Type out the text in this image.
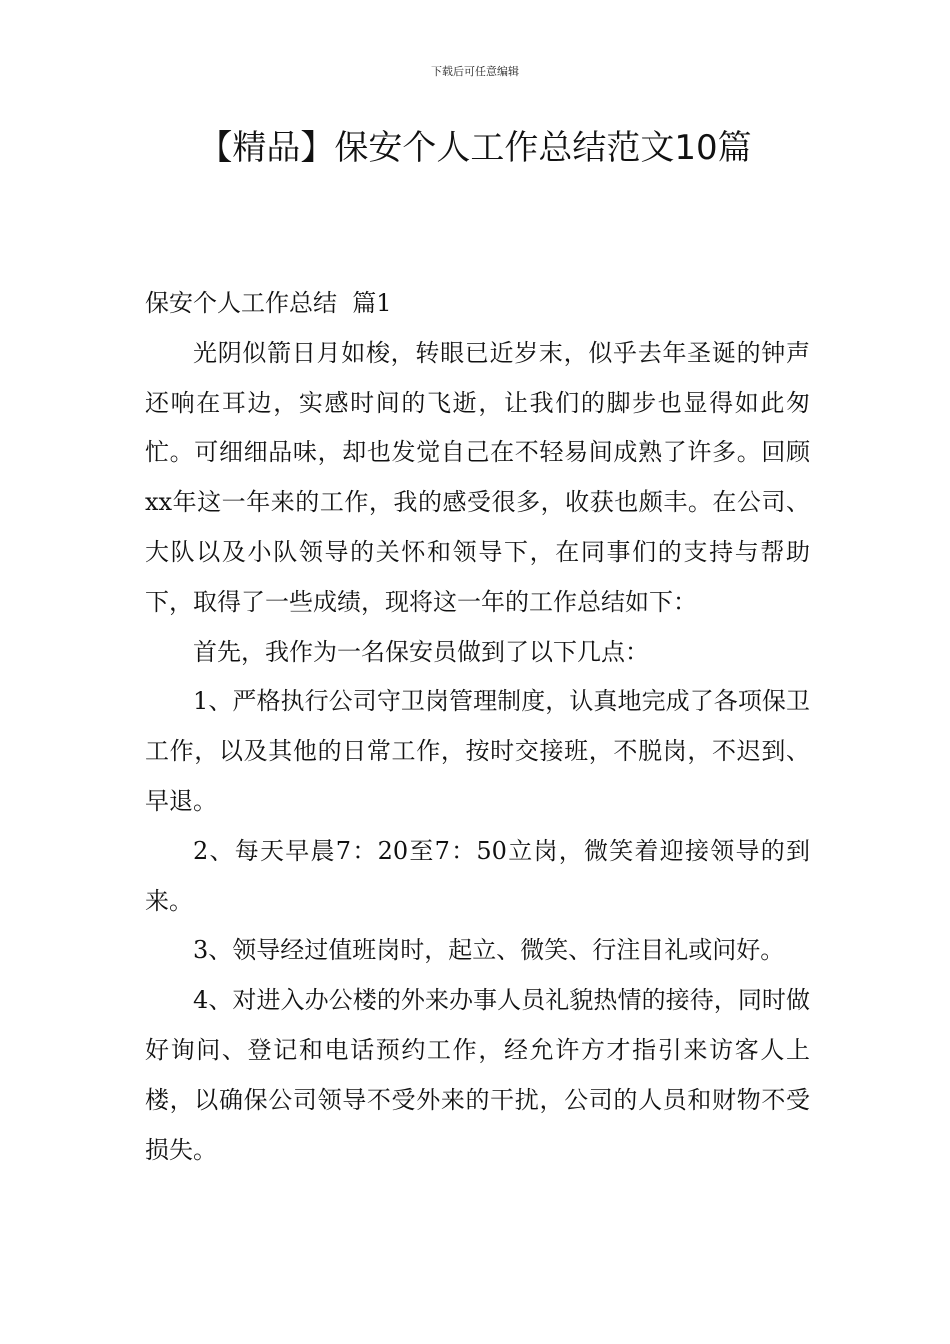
下载后可任意编辑
【精品】保安个人工作总结范文10篇

保安个人工作总结  篇1

光阴似箭日月如梭，转眼已近岁末，似乎去年圣诞的钟声还响在耳边，实感时间的飞逝，让我们的脚步也显得如此匆忙。可细细品味，却也发觉自己在不轻易间成熟了许多。回顾xx年这一年来的工作，我的感受很多，收获也颇丰。在公司、大队以及小队领导的关怀和领导下，在同事们的支持与帮助下，取得了一些成绩，现将这一年的工作总结如下：

首先，我作为一名保安员做到了以下几点：

1、严格执行公司守卫岗管理制度，认真地完成了各项保卫工作，以及其他的日常工作，按时交接班，不脱岗，不迟到、早退。

2、每天早晨7：20至7：50立岗，微笑着迎接领导的到来。

3、领导经过值班岗时，起立、微笑、行注目礼或问好。

4、对进入办公楼的外来办事人员礼貌热情的接待，同时做好询问、登记和电话预约工作，经允许方才指引来访客人上楼，以确保公司领导不受外来的干扰，公司的人员和财物不受损失。
